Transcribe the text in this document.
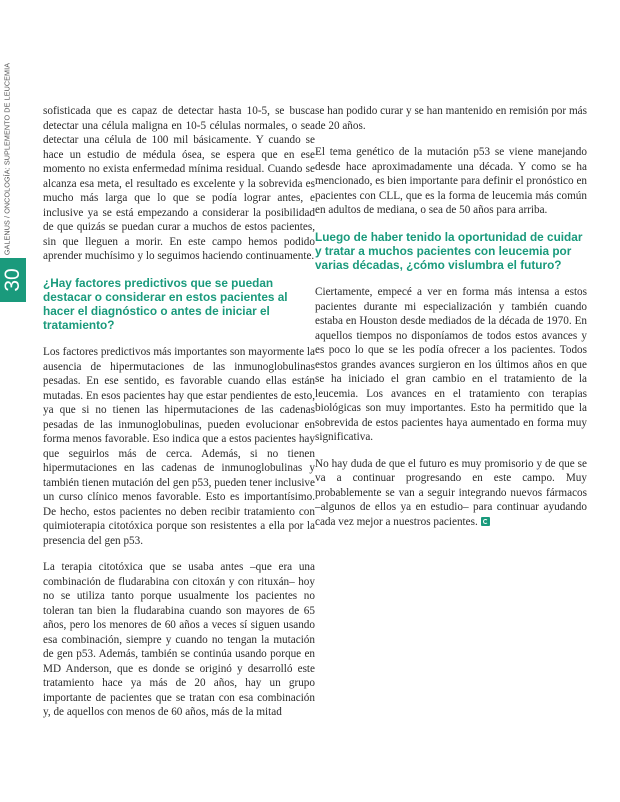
GALENUS / ONCOLOGÍA: SUPLEMENTO DE LEUCEMIA
30

sofisticada que es capaz de detectar hasta 10-5, se busca detectar una célula maligna en 10-5 células normales, o sea detectar una célula de 100 mil básicamente. Y cuando se hace un estudio de médula ósea, se espera que en ese momento no exista enfermedad mínima residual. Cuando se alcanza esa meta, el resultado es excelente y la sobrevida es mucho más larga que lo que se podía lograr antes, e inclusive ya se está empezando a considerar la posibilidad de que quizás se puedan curar a muchos de estos pacientes, sin que lleguen a morir. En este campo hemos podido aprender muchísimo y lo seguimos haciendo continuamente.

¿Hay factores predictivos que se puedan destacar o considerar en estos pacientes al hacer el diagnóstico o antes de iniciar el tratamiento?

Los factores predictivos más importantes son mayormente la ausencia de hipermutaciones de las inmunoglobulinas pesadas. En ese sentido, es favorable cuando ellas están mutadas. En esos pacientes hay que estar pendientes de esto, ya que si no tienen las hipermutaciones de las cadenas pesadas de las inmunoglobulinas, pueden evolucionar en forma menos favorable. Eso indica que a estos pacientes hay que seguirlos más de cerca. Además, si no tienen hipermutaciones en las cadenas de inmunoglobulinas y también tienen mutación del gen p53, pueden tener inclusive un curso clínico menos favorable. Esto es importantísimo. De hecho, estos pacientes no deben recibir tratamiento con quimioterapia citotóxica porque son resistentes a ella por la presencia del gen p53.

La terapia citotóxica que se usaba antes –que era una combinación de fludarabina con citoxán y con rituxán– hoy no se utiliza tanto porque usualmente los pacientes no toleran tan bien la fludarabina cuando son mayores de 65 años, pero los menores de 60 años a veces sí siguen usando esa combinación, siempre y cuando no tengan la mutación de gen p53. Además, también se continúa usando porque en MD Anderson, que es donde se originó y desarrolló este tratamiento hace ya más de 20 años, hay un grupo importante de pacientes que se tratan con esa combinación y, de aquellos con menos de 60 años, más de la mitad

se han podido curar y se han mantenido en remisión por más de 20 años.

El tema genético de la mutación p53 se viene manejando desde hace aproximadamente una década. Y como se ha mencionado, es bien importante para definir el pronóstico en pacientes con CLL, que es la forma de leucemia más común en adultos de mediana, o sea de 50 años para arriba.

Luego de haber tenido la oportunidad de cuidar y tratar a muchos pacientes con leucemia por varias décadas, ¿cómo vislumbra el futuro?

Ciertamente, empecé a ver en forma más intensa a estos pacientes durante mi especialización y también cuando estaba en Houston desde mediados de la década de 1970. En aquellos tiempos no disponíamos de todos estos avances y es poco lo que se les podía ofrecer a los pacientes. Todos estos grandes avances surgieron en los últimos años en que se ha iniciado el gran cambio en el tratamiento de la leucemia. Los avances en el tratamiento con terapias biológicas son muy importantes. Esto ha permitido que la sobrevida de estos pacientes haya aumentado en forma muy significativa.

No hay duda de que el futuro es muy promisorio y de que se va a continuar progresando en este campo. Muy probablemente se van a seguir integrando nuevos fármacos –algunos de ellos ya en estudio– para continuar ayudando cada vez mejor a nuestros pacientes.
